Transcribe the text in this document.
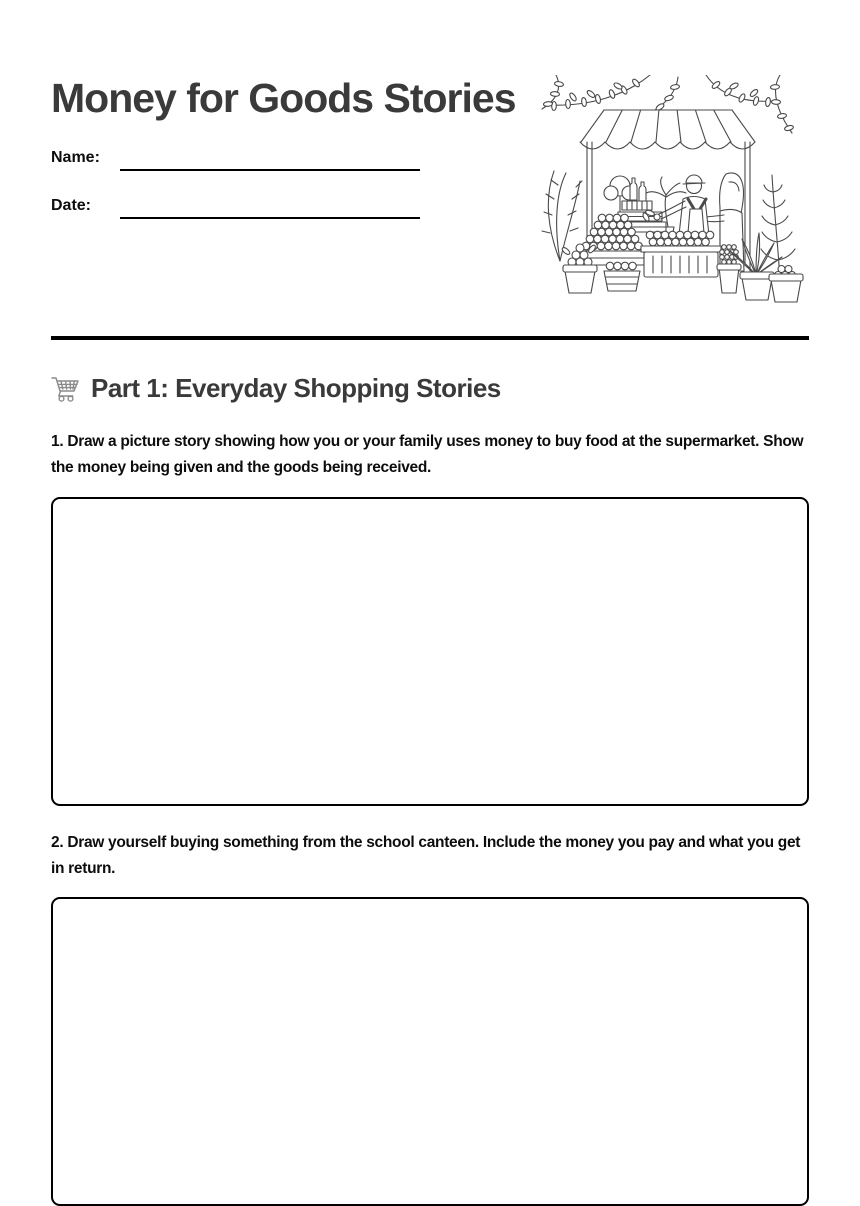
Money for Goods Stories
Name:
Date:
Part 1: Everyday Shopping Stories

1. Draw a picture story showing how you or your family uses money to buy food at the supermarket. Show the money being given and the goods being received.

2. Draw yourself buying something from the school canteen. Include the money you pay and what you get in return.
